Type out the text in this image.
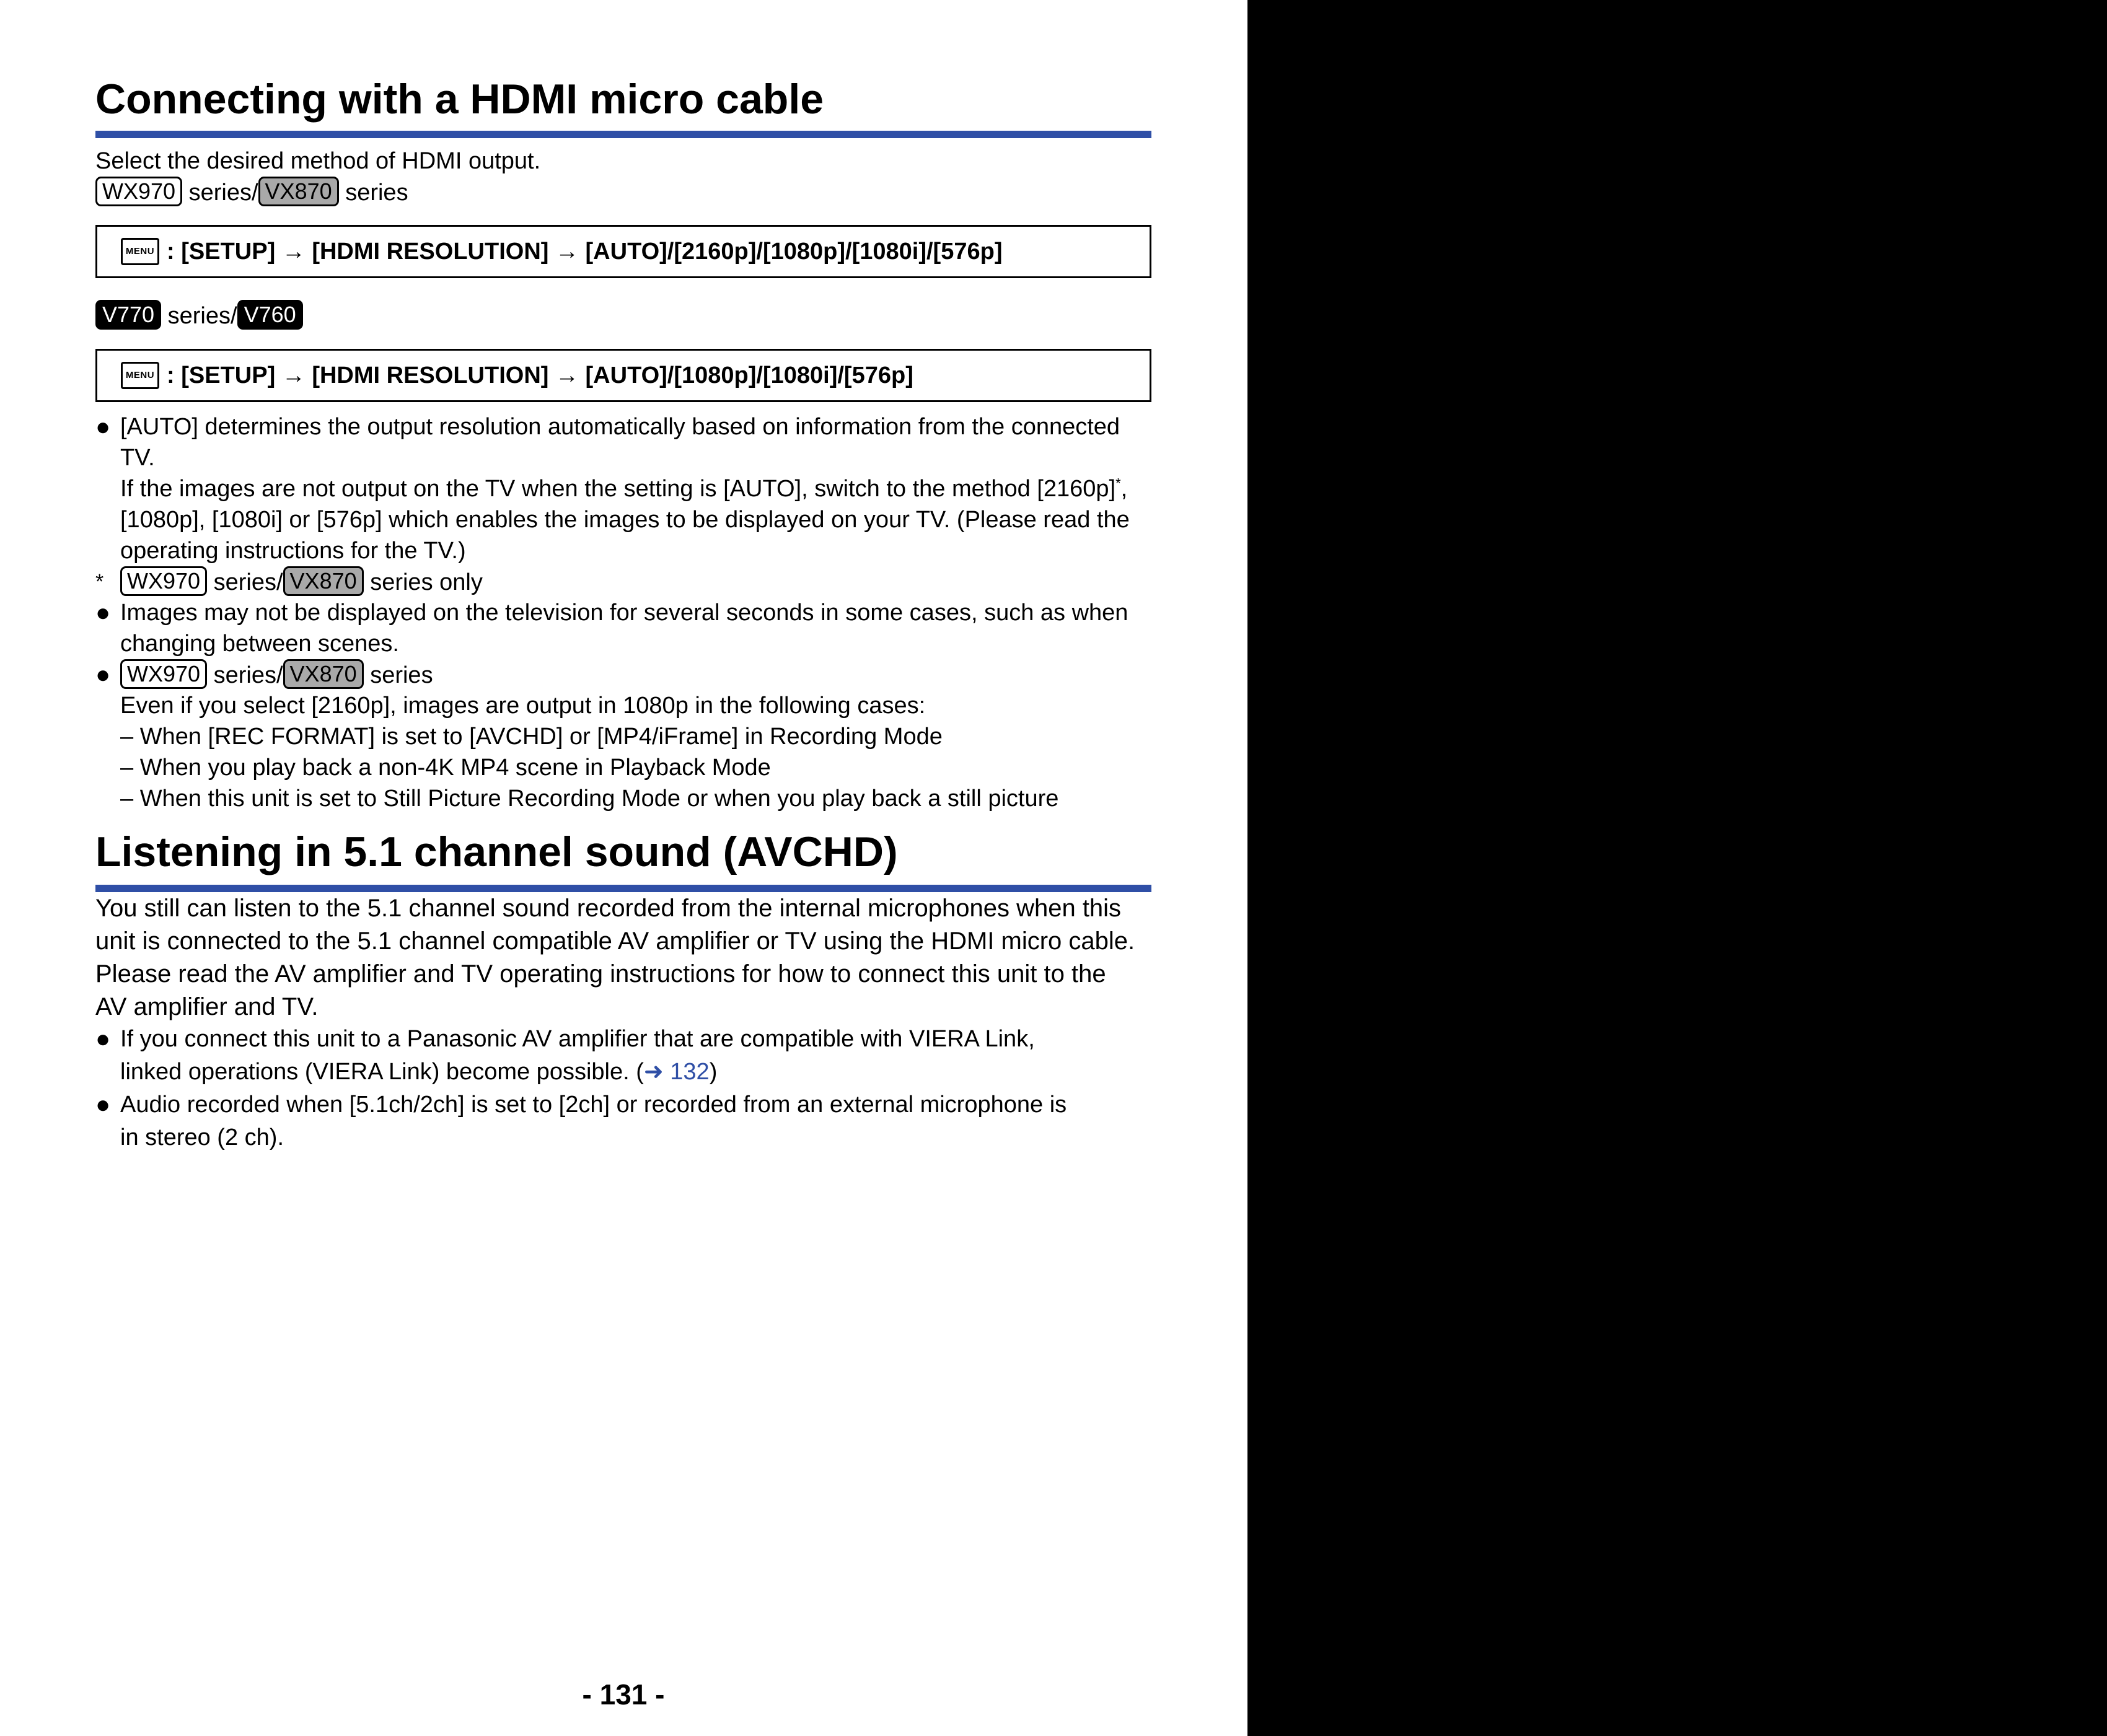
Connecting with a HDMI micro cable
Select the desired method of HDMI output.
WX970 series/ VX870 series
MENU : [SETUP] → [HDMI RESOLUTION] → [AUTO]/[2160p]/[1080p]/[1080i]/[576p]
V770 series/ V760
MENU : [SETUP] → [HDMI RESOLUTION] → [AUTO]/[1080p]/[1080i]/[576p]
● [AUTO] determines the output resolution automatically based on information from the connected
TV.
If the images are not output on the TV when the setting is [AUTO], switch to the method [2160p]*,
[1080p], [1080i] or [576p] which enables the images to be displayed on your TV. (Please read the
operating instructions for the TV.)
*	WX970 series/ VX870 series only
● Images may not be displayed on the television for several seconds in some cases, such as when
changing between scenes.
● WX970 series/ VX870 series
Even if you select [2160p], images are output in 1080p in the following cases:
– When [REC FORMAT] is set to [AVCHD] or [MP4/iFrame] in Recording Mode
– When you play back a non-4K MP4 scene in Playback Mode
– When this unit is set to Still Picture Recording Mode or when you play back a still picture
Listening in 5.1 channel sound (AVCHD)
You still can listen to the 5.1 channel sound recorded from the internal microphones when this
unit is connected to the 5.1 channel compatible AV amplifier or TV using the HDMI micro cable.
Please read the AV amplifier and TV operating instructions for how to connect this unit to the
AV amplifier and TV.
● If you connect this unit to a Panasonic AV amplifier that are compatible with VIERA Link,
linked operations (VIERA Link) become possible. (➜ 132)
● Audio recorded when [5.1ch/2ch] is set to [2ch] or recorded from an external microphone is
in stereo (2 ch).
- 131 -
